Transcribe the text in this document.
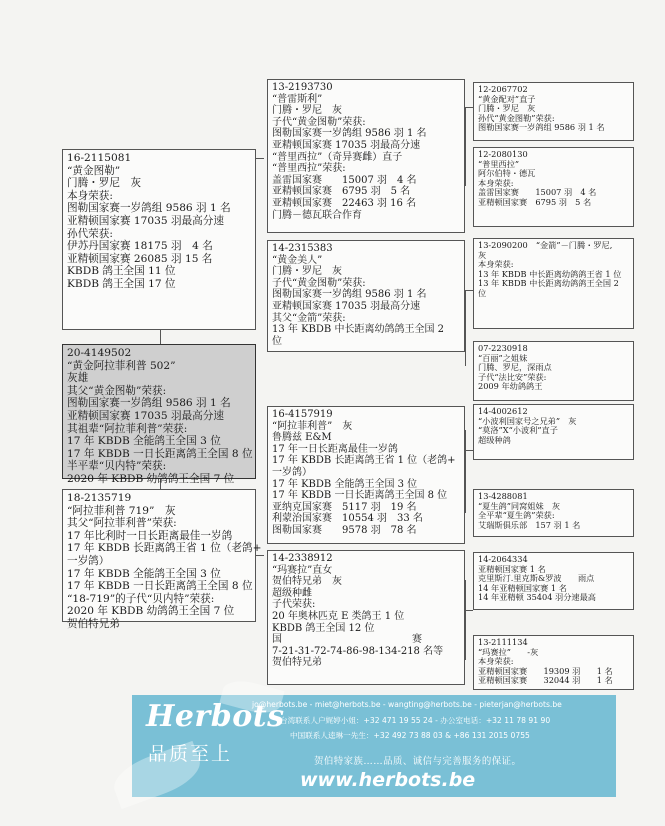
16-2115081
“黄金图勒”
门腾・罗尼　灰
本身荣获:
图勒国家赛一岁鸽组 9586 羽 1 名
亚精顿国家赛 17035 羽最高分速
孙代荣获:
伊苏丹国家赛 18175 羽　4 名
亚精顿国家赛 26085 羽 15 名
KBDB 鸽王全国 11 位
KBDB 鸽王全国 17 位
20-4149502
“黄金阿拉菲利普 502”
灰雄
其父“黄金图勒”荣获:
图勒国家赛一岁鸽组 9586 羽 1 名
亚精顿国家赛 17035 羽最高分速
其祖辈“阿拉菲利普”荣获:
17 年 KBDB 全能鸽王全国 3 位
17 年 KBDB 一日长距离鸽王全国 8 位
半平辈“贝内特”荣获:
2020 年 KBDB 幼鸽鸽王全国 7 位
18-2135719
“阿拉菲利普 719”　灰
其父“阿拉菲利普”荣获:
17 年比利时一日长距离最佳一岁鸽
17 年 KBDB 长距离鸽王省 1 位（老鸽+
一岁鸽）
17 年 KBDB 全能鸽王全国 3 位
17 年 KBDB 一日长距离鸽王全国 8 位
“18-719”的子代“贝内特”荣获:
2020 年 KBDB 幼鸽鸽王全国 7 位
贺伯特兄弟
13-2193730
“普雷斯利”
门腾・罗尼　灰
子代“黄金图勒”荣获:
图勒国家赛一岁鸽组 9586 羽 1 名
亚精顿国家赛 17035 羽最高分速
“普里西拉”（奇异赛雌）直子
“普里西拉”荣获:
盖雷国家赛　　15007 羽　4 名
亚精顿国家赛　6795 羽　5 名
亚精顿国家赛　22463 羽 16 名
门腾－德瓦联合作育
14-2315383
“黄金美人”
门腾・罗尼　灰
子代“黄金图勒”荣获:
图勒国家赛一岁鸽组 9586 羽 1 名
亚精顿国家赛 17035 羽最高分速
其父“金箭”荣获:
13 年 KBDB 中长距离幼鸽鸽王全国 2
位
16-4157919
“阿拉菲利普”　灰
鲁腾兹 E&M
17 年一日长距离最佳一岁鸽
17 年 KBDB 长距离鸽王省 1 位（老鸽+
一岁鸽）
17 年 KBDB 全能鸽王全国 3 位
17 年 KBDB 一日长距离鸽王全国 8 位
亚纳克国家赛　5117 羽　19 名
利蒙治国家赛　10554 羽　33 名
图勒国家赛　　9578 羽　78 名
14-2338912
“玛赛拉”直女
贺伯特兄弟　灰
超级种雌
子代荣获:
20 年奥林匹克 E 类鸽王 1 位
KBDB 鸽王全国 12 位
国　　　　　　　　　　　　　赛
7-21-31-72-74-86-98-134-218 名等
贺伯特兄弟
12-2067702
“黄金配对”直子
门腾・罗尼　灰
孙代“黄金图勒”荣获:
图勒国家赛一岁鸽组 9586 羽 1 名
12-2080130
“普里西拉”
阿尔伯特・德瓦
本身荣获:
盖雷国家赛　　15007 羽　4 名
亚精顿国家赛　6795 羽　5 名
13-2090200　“金箭”－门腾・罗尼,
灰
本身荣获:
13 年 KBDB 中长距离幼鸽鸽王省 1 位
13 年 KBDB 中长距离幼鸽鸽王全国 2
位
07-2230918
“百丽”之姐妹
门腾、罗尼，深雨点
子代“法比安”荣获:
2009 年幼鸽鸽王
14-4002612
“小波利国家号之兄弟”　灰
“莫洛”X“小波利”直子
超级种鸽
13-4288081
“夏生鸽”同窝姐妹　灰
全平辈“夏生鸽”荣获:
艾瑞斯俱乐部　157 羽 1 名
14-2064334
亚精顿国家赛 1 名
克里斯汀.里克斯&罗波　　雨点
14 年亚精顿国家赛 1 名
14 年亚精顿 35404 羽分速最高
13-2111134
“玛赛拉”　　-灰
本身荣获:
亚精顿国家赛　　19309 羽　　1 名
亚精顿国家赛　　32044 羽　　1 名
Herbots
品质至上
jo@herbots.be - miet@herbots.be - wangting@herbots.be - pieterjan@herbots.be
台湾联系人户娓婷小姐：+32 471 19 55 24 - 办公室电话：+32 11 78 91 90
中国联系人逵琳一先生：+32 492 73 88 03 & +86 131 2015 0755
贺伯特家族……品质、诚信与完善服务的保证。
www.herbots.be
